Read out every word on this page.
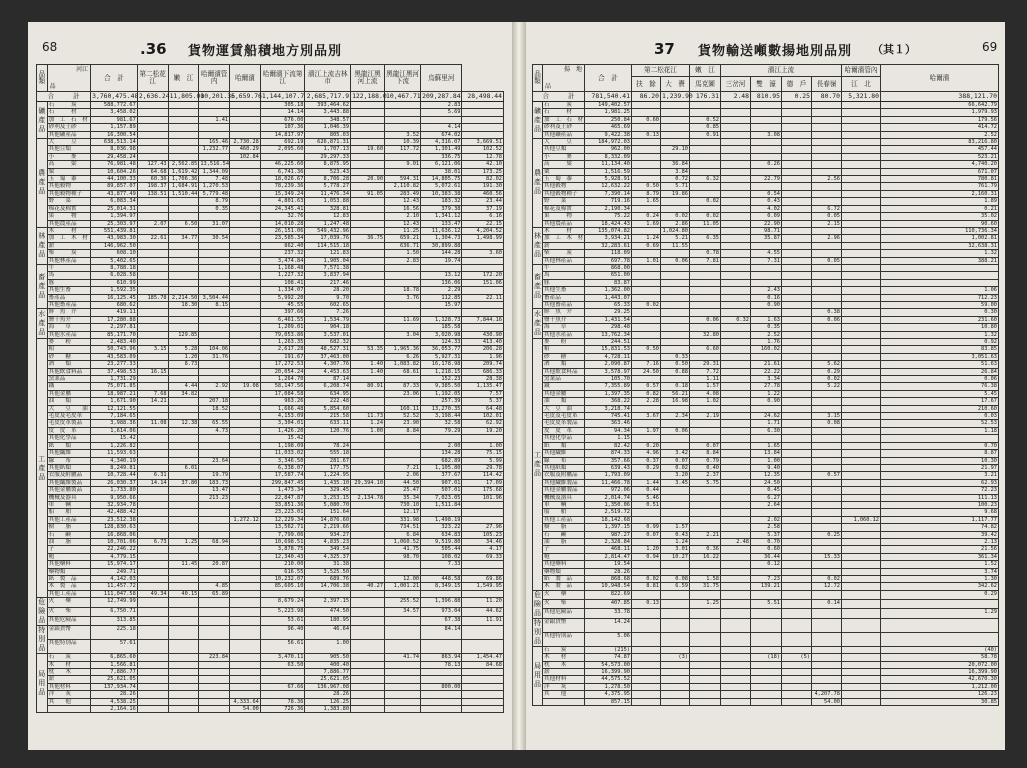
68	.36 貨物運賃船積地方別品別
品類	河江
品	合　計	第二松花江	嫩　江	哈爾濱管内	哈爾濱	哈爾濱下流第江	濱江上流吉林市	黑龍江黑河上流	黑龍江黑河下流	烏蘇里河	
合　　　計		3,760,475.48	2,636.24	11,805.00	10,201.36	5,659.76	1,144,107.7	2,685,717.9	122,188.0	10,467.71	209,287.84	28,498.44
礦產品	石　　　炭	588,772.67					305.18	393,464.62			2.83	
	石　　　材	3,458.02					14.14	3,443.88			5.69	
	加　工　石　材	981.67			1.41		676.00	348.57				
	砂利及土砂	1,157.89					107.36	1,046.39			4.14	
	其他礦產品	16,300.54					14,817.97	805.03		3.52	674.02	
農產品	大　　　豆	638,513.14			165.46	2,730.28	692.19	626,871.31		10.39	4,316.07	3,669.51
	其他豆類	8,036.98			1,232.77	460.29	2,095.60	1,707.13	19.60	117.72	1,301.49	102.52
	小　　　麥	29,458.24				102.84		29,297.33			336.75	12.78
	高　　　粱	76,981.48	127.43	2,562.85	13,516.54		46,225.60	8,875.95		9.01	6,121.06	42.10
	粟	10,604.26	64.68	1,619.42	1,344.09		6,741.36	523.43			38.01	173.25
	玉　蜀　黍	44,100.33	60.36	1,706.36	7.48		18,026.67	8,706.28	20.90	594.31	14,805.75	82.02
	其他穀物	89,857.07	198.37	1,684.91	1,270.53		78,239.36	5,778.27		2,110.82	5,072.61	191.30
	其他穀物種子	43,877.49	138.51	1,510.44	5,779.48		15,349.24	11,476.34	91.05	283.49	10,383.38	460.56
	野　　菜	6,083.34			8.79		4,801.63	1,053.88		12.43	183.32	23.44
	棉花及棉實	25,014.31			0.35		24,345.41	328.81		16.56	379.38	37.19
	果　　　物	1,394.97					32.76	12.83		2.10	1,341.12	6.16
	其他農產品	25,303.97	2.07	6.50	31.07		14,010.28	1,247.48		12.43	133.47	22.15
林產品	木　　　材	551,439.81					26,151.06	549,432.96		11.25	11,636.12	4,204.52
	加　工　木　材	43,983.30	22.61	34.77	30.54		23,585.34	17,039.76	36.75	659.21	1,304.73	1,498.99
	薪	146,962.50					862.40	114,515.18		636.71	30,899.88	
	柴　　　炭	608.10					237.32	121.83		1.50	144.28	3.60
	其他林產品	5,402.65					3,474.84	1,905.04		2.83	19.74	
畜產品	牛	8,788.18					1,168.48	7,571.38				
	馬	6,028.58					1,227.32	3,837.94			13.12	172.20
	豚	610.99					108.41	217.46			136.06	151.06
	其他生畜	1,592.35					1,334.07	28.20		18.78	2.29	
	畜產品	16,125.45	185.78	2,214.50	3,504.44		5,992.20	9.70		3.76	112.85	22.11
	其他畜產品	680.62		18.30	8.15		45.55	602.65			15.97	
水產品	鮮　魚　介	419.11					397.66	7.26				
	鹽干魚介	17,280.88					6,461.55	1,534.79		11.69	1,128.73	7,844.16
	海　　草	2,297.81					1,209.01	904.18			185.58	
	其他水產品	85,171.70		129.85			79,053.86	3,537.01		3.04	3,020.98	430.90
工產品	麥　　粉	2,483.40					1,263.35	682.32			124.33	413.40
	粕	50,743.96	3.15	5.28	104.06		2,617.28	48,527.31	53.35	1,965.36	36,053.77	206.28
	砂　　糖	43,583.09		1.20	31.76		191.67	37,463.00		6.26	5,927.31	1.96
	酒　　類	23,277.33		8.73			17,272.53	4,307.76	1.40	1,083.82	16,178.98	209.74
	其他飲食料品	37,498.53	16.15				20,054.24	4,453.63	1.40	68.61	1,218.15	686.33
	窯業品	1,731.29					1,264.70	87.14			152.23	28.38
	鐵	75,071.85		4.44	2.92	19.08	58,147.56	6,208.74	80.91	87.33	9,385.50	1,135.47
	其他金屬	18,987.21	7.68	34.82			17,084.58	634.95		23.06	1,192.05	7.57
	油　　類	1,671.90	14.21		207.18		963.26	222.48			257.39	5.37
	大　　豆　　油	12,121.55			18.52		1,666.48	5,854.60		160.11	13,270.35	64.48
	毛皮及毛皮革	7,184.65					4,153.09	215.58	11.73	52.52	3,198.44	102.01
	毛皮皮革製品	3,988.36	11.08	12.38	65.55		3,304.01	633.11	1.24	23.90	32.58	62.92
	皮　皮　革	1,614.06			4.73		1,426.20	120.76	1.00	8.84	79.29	19.20
	其他化學品	15.42					15.42					
	紙　　類	1,226.82					1,198.09	78.24			2.00	1.00
	其他繊維	11,593.63					11,033.02	555.18			134.28	75.15
	線　　布	4,340.19			23.64		3,346.50	281.67			682.89	5.99
	其他紙類	8,249.81		6.01			6,338.07	177.75		7.21	1,105.80	29.78
	衣服及附屬品	10,728.44	6.31		19.79		17,587.74	1,224.95		2.06	377.67	114.42
	其他繊維製品	26,030.37	14.14	37.80	183.73		299,847.45	1,435.10	29,394.10	44.50	907.01	17.09
	其他金屬製品	1,733.80			13.47		1,473.34	329.45		25.47	507.01	175.68
	機械及器具	9,950.66			213.23		22,847.87	3,253.15	2,134.78	35.34	7,023.05	101.96
	車　　輌	32,934.78					33,851.36	5,080.70		730.10	1,511.84	
	船　　舶	42,488.42					23,223.01	151.64		12.17		
	其他工產品	23,512.38				1,272.12	12,229.34	14,876.60		331.98	1,498.19	
	樹　　脂	128,830.63					13,562.71	2,219.66		734.51	323.22	27.96
	石　　鹸	16,868.06					7,799.06	934.27		6.84	634.83	105.23
	油　　脂	10,701.06	6.73	1.25	68.94		10,698.51	4,835.23		1,060.52	9,519.80	34.46
	子	22,246.22					3,878.75	349.54		41.75	505.44	4.17
	鞄	4,779.15					12,340.43	4,325.37		98.70	108.02	69.33
	其他藥料	15,974.17		11.45	20.87		210.00	31.38			7.33	
	藥物類	249.71					616.55	3,525.50				
	紙　製　品	4,142.03					10,232.07	689.76		12.00	448.58	69.86
	木　製　品	11,457.72			4.85		85,605.10	14,706.38	40.27	1,001.21	8,349.15	1,549.95
	其他工產品	111,047.58	49.34	40.15	65.89							
危險品	火　　藥	12,749.99					8,679.24	2,397.15		255.52	1,396.88	11.20
	火　　柴	6,750.71					5,223.98	474.50		34.57	973.04	44.62
	其他危險品	313.85					53.61	180.95			67.38	11.91
特別品	金銀貨幣	225.18					96.40	46.64			84.14	
	其他特別品	57.61					56.61	1.00				
局用品	石　　炭	6,865.60			223.84		3,470.11	905.50		41.74	863.94	1,454.47
	木　　材	1,566.81					63.50	400.40			78.13	84.68
	枕　　木	7,886.77						7,886.77				
	薪	25,621.05						25,621.05				
	其他材料	137,934.74					67.66	136,967.08			800.00	
	洋　　灰	28.26						28.26				
	其　　他	4,538.25				4,333.64	78.36	126.25				
		2,164.16				54.00	726.36	1,383.80				
37 貨物輸送噸數揚地別品別 （其１）	69
品類	揚　地
品	合　計	第二松花江		嫩　江	濱江上流				哈爾濱管內	哈爾濱
			扶　餘	大　賚	馬克圖	三岔河	雙　濠	德　戶	長春嶺	江　北	
合　　　計		781,540.41	86.20	1,239.90	176.31	2.48	810.95	0.25	80.70	5,321.80	388,121.70
礦產品	石　　　炭	149,402.57									66,642.79
	石　　　材	1,981.25									1,979.93
	加　工　石　材	250.84	0.60		0.52						179.56
	砂利及土砂	465.69			0.85						414.72
	其他礦產品	9,422.38	0.13		0.91		3.08				2.52
農產品	大　　　豆	184,972.03									83,216.80
	其他豆類	962.00		29.10							457.44
	小　　　麥	8,332.09									523.21
	高　　　粱	11,134.40		36.84			0.26				4,740.20
	粟	1,516.59		3.84							671.07
	玉　蜀　黍	5,928.91		0.72	6.32		22.79		2.56		780.81
	其他穀物	12,632.22	0.50	5.71							761.79
	其他穀物種子	7,390.14	8.79	19.86			0.54				2,160.31
	野　　菜	719.16	1.65		0.02		0.43				1.89
	棉花及棉實	2,190.34					4.02		6.72		0.21
	果　　　物	75.22	0.24	0.02	0.02		0.09		0.05		35.02
	其他農產品	18,424.43	1.69	2.86	11.05		22.90		2.15		90.60
林產品	木　　　材	135,074.82		1,024.80			98.71				110,736.34
	加　工　木　材	3,934.21	1.24	5.21	6.35		35.87		2.96		1,002.81
	薪	32,283.61	0.69	11.55							32,638.31
	柴　　　炭	118.09			0.78		4.55				1.32
	其他林產品	697.78	1.01	0.06	7.81		7.31		0.05		388.21
畜產品	牛	868.00									
	馬	651.00									
	豚	83.87									
	其他生畜	1,362.00					2.43				1.06
	畜產品	1,443.07					0.16				712.23
	其他畜產品	65.33	0.02				0.90				59.00
水產品	鮮　魚　介	29.25							0.38		0.30
	鹽干魚介	1,431.54			0.06	0.32	1.63		0.06		231.60
	海　　草	298.48					0.35				10.80
	其他水產品	13,762.34			32.80		2.52				1.32
工產品	麥　　粉	244.51					1.76				0.92
	粕	15,831.53	0.50		6.60		160.02				83.85
	砂　　糖	4,728.11		0.33							3,051.63
	酒　　類	2,090.87	7.16	0.50	29.31		21.61		5.62		51.63
	其他飲食料品	3,578.97	24.50	0.88	7.72		22.22		0.29		26.84
	窯業品	105.70			1.11		3.34		0.02		0.06
	鐵	7,355.89	0.57	0.18	1.57		27.78		5.22		76.38
	其他金屬	1,397.35	0.82	56.21	4.08		1.22				5.45
	油　　類	368.22	2.28	16.98	1.02		0.90				17.67
	大　豆　油	3,218.74									210.60
	毛皮及毛皮革	745.41	3.67	2.34	2.19		24.62		3.15		0.03
	毛皮皮革製品	363.46					1.71		0.08		52.53
	皮　皮　革	94.34	1.97	0.06			6.30				1.18
	其他化學品	1.15									
	紙　　類	82.42	0.20		0.07		1.65				0.70
	其他繊維	874.33	4.96	3.42	8.84		13.84				8.87
	線　　布	357.66	0.37	0.07	0.79		1.00				10.30
	其他紙類	639.43	0.29	0.02	0.40		9.40				21.97
	衣服及附屬品	1,793.09		3.20	2.37		12.35		0.57		3.21
	其他繊維製品	11,466.78	1.44	3.45	5.75		24.50				62.93
	其他金屬製品	972.06	0.44				0.45				72.23
	機械及器具	2,014.74	5.46				6.27				111.13
	車　　輌	1,350.06	0.51				2.64				100.23
	船　　舶	2,519.72									9.68
	其他工產品	18,142.68					2.02			1,060.12	1,117.77
	樹　　脂	1,397.15	0.99	1.57			2.58				74.82
	石　　鹸	987.27	0.07	0.43	2.21		5.37		0.25		39.42
	油　　脂	2,328.84		1.24		2.48	0.70				2.13
	子	468.11	1.20	3.01	0.36		0.60				21.56
	鞄	2,814.47	0.94	10.27	16.22		36.44		15.33		361.34
	其他藥料	19.54					0.12				1.52
	藥物類	28.26									3.74
	紙　製　品	868.68	0.02	0.08	1.58		7.23		0.02		1.30
	木　製　品	10,948.54	8.81	6.59	31.75		139.21		12.72		342.62
危險品	火　　藥	822.69									0.29
	火　　柴	407.85	0.13		1.25		5.51		0.14		
	其他危險品	33.78									1.29
特別品	金銀貨幣	14.24									
	其他特別品	5.06									
局用品	石　　炭	(215)									(40)
	木　　材	74.87		(3)			(18)	(5)			58.78
	枕　　木	54,573.00									20,072.00
	薪	16,399.90									16,399.90
	其他材料	44,575.52									42,670.30
	洋　　灰	1,278.50									1,212.00
	其　　他	4,375.95							4,207.78		126.23
		857.15							54.00		30.85
